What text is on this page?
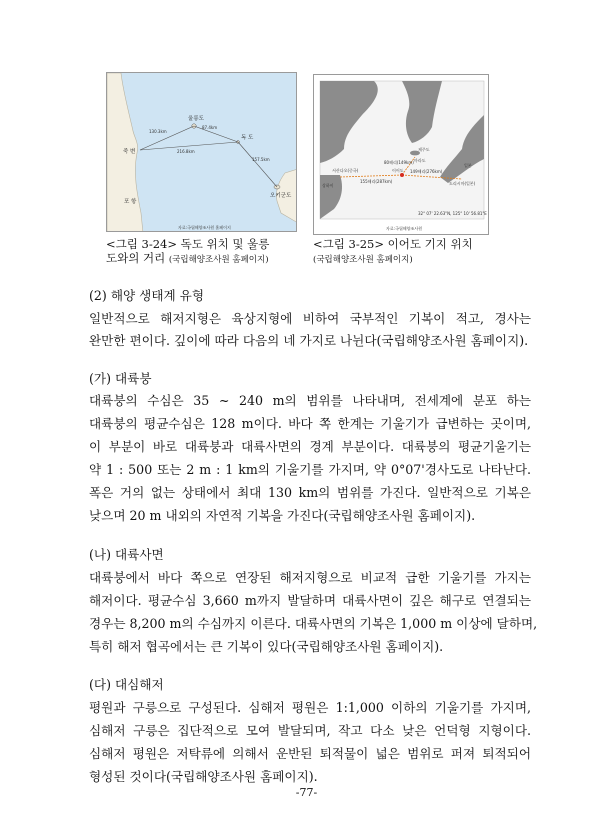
울릉도
독 도
죽 변
포 항
오키군도
130.3km
87.4km
216.8km
157.5km
자료:국립해양조사원 홈페이지
제주도
이어도
마라도
80해리(149km)
149해리(276km)
155해리(287km)	도리시마(일본)
서산다오(중국)
상하이
일본
32° 07' 22.63"N, 125° 10' 56.81"E
자료:국립해양조사원
<그림 3-24> 독도 위치 및 울릉
도와의 거리 (국립해양조사원 홈페이지)
<그림 3-25> 이어도 기지 위치
(국립해양조사원 홈페이지)
(2) 해양 생태계 유형
일반적으로 해저지형은 육상지형에 비하여 국부적인 기복이 적고, 경사는
완만한 편이다. 깊이에 따라 다음의 네 가지로 나뉜다(국립해양조사원 홈페이지).
(가) 대륙붕
대륙붕의 수심은 35 ~ 240 m의 범위를 나타내며, 전세계에 분포 하는
대륙붕의 평균수심은 128 m이다. 바다 쪽 한계는 기울기가 급변하는 곳이며,
이 부분이 바로 대륙붕과 대륙사면의 경계 부분이다. 대륙붕의 평균기울기는
약 1 : 500 또는 2 m : 1 km의 기울기를 가지며, 약 0°07'경사도로 나타난다.
폭은 거의 없는 상태에서 최대 130 km의 범위를 가진다. 일반적으로 기복은
낮으며 20 m 내외의 자연적 기복을 가진다(국립해양조사원 홈페이지).
(나) 대륙사면
대륙붕에서 바다 쪽으로 연장된 해저지형으로 비교적 급한 기울기를 가지는
해저이다. 평균수심 3,660 m까지 발달하며 대륙사면이 깊은 해구로 연결되는
경우는 8,200 m의 수심까지 이른다. 대륙사면의 기복은 1,000 m 이상에 달하며,
특히 해저 협곡에서는 큰 기복이 있다(국립해양조사원 홈페이지).
(다) 대심해저
평원과 구릉으로 구성된다. 심해저 평원은 1:1,000 이하의 기울기를 가지며,
심해저 구릉은 집단적으로 모여 발달되며, 작고 다소 낮은 언덕형 지형이다.
심해저 평원은 저탁류에 의해서 운반된 퇴적물이 넓은 범위로 퍼져 퇴적되어
형성된 것이다(국립해양조사원 홈페이지).
-77-
